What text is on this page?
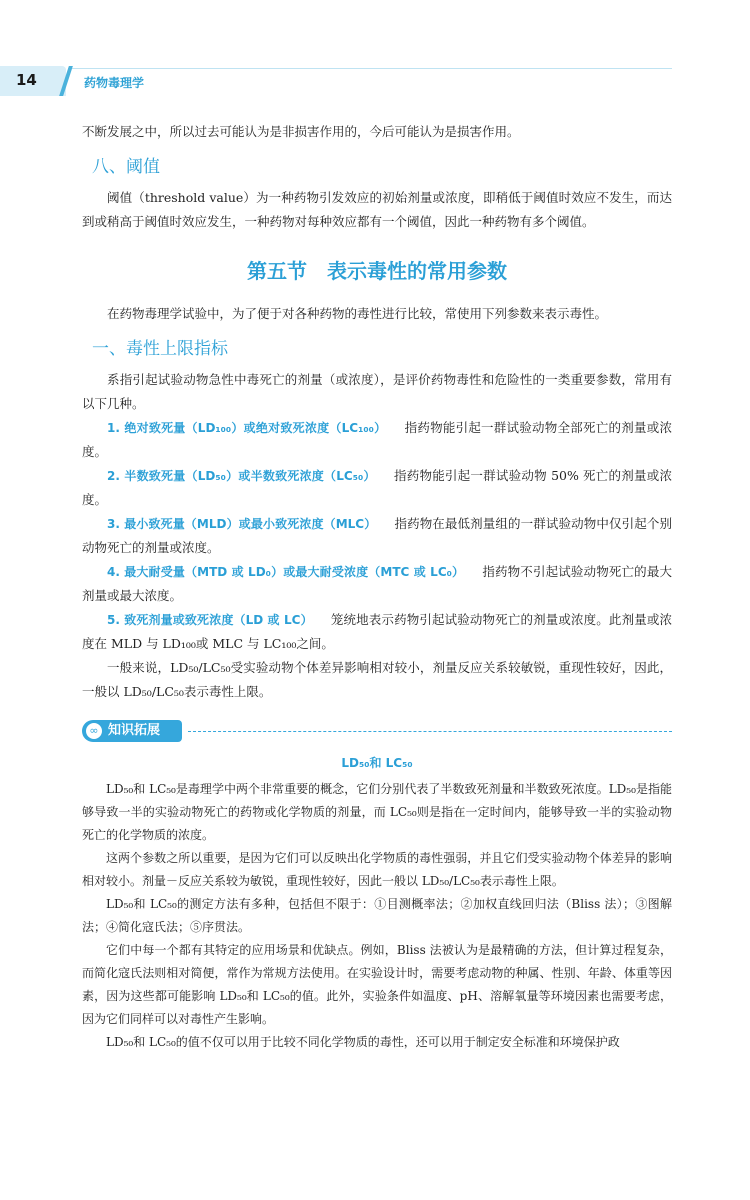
14	药物毒理学

不断发展之中，所以过去可能认为是非损害作用的，今后可能认为是损害作用。

八、阈值

阈值（threshold value）为一种药物引发效应的初始剂量或浓度，即稍低于阈值时效应不发生，而达到或稍高于阈值时效应发生，一种药物对每种效应都有一个阈值，因此一种药物有多个阈值。

第五节　表示毒性的常用参数

在药物毒理学试验中，为了便于对各种药物的毒性进行比较，常使用下列参数来表示毒性。

一、毒性上限指标

系指引起试验动物急性中毒死亡的剂量（或浓度），是评价药物毒性和危险性的一类重要参数，常用有以下几种。

1. 绝对致死量（LD₁₀₀）或绝对致死浓度（LC₁₀₀） 指药物能引起一群试验动物全部死亡的剂量或浓度。

2. 半数致死量（LD₅₀）或半数致死浓度（LC₅₀） 指药物能引起一群试验动物 50% 死亡的剂量或浓度。

3. 最小致死量（MLD）或最小致死浓度（MLC） 指药物在最低剂量组的一群试验动物中仅引起个别动物死亡的剂量或浓度。

4. 最大耐受量（MTD 或 LD₀）或最大耐受浓度（MTC 或 LC₀） 指药物不引起试验动物死亡的最大剂量或最大浓度。

5. 致死剂量或致死浓度（LD 或 LC） 笼统地表示药物引起试验动物死亡的剂量或浓度。此剂量或浓度在 MLD 与 LD₁₀₀或 MLC 与 LC₁₀₀之间。

一般来说，LD₅₀/LC₅₀受实验动物个体差异影响相对较小，剂量反应关系较敏锐，重现性较好，因此，一般以 LD₅₀/LC₅₀表示毒性上限。

∞ 知识拓展
LD₅₀和 LC₅₀

LD₅₀和 LC₅₀是毒理学中两个非常重要的概念，它们分别代表了半数致死剂量和半数致死浓度。LD₅₀是指能够导致一半的实验动物死亡的药物或化学物质的剂量，而 LC₅₀则是指在一定时间内，能够导致一半的实验动物死亡的化学物质的浓度。

这两个参数之所以重要，是因为它们可以反映出化学物质的毒性强弱，并且它们受实验动物个体差异的影响相对较小。剂量－反应关系较为敏锐，重现性较好，因此一般以 LD₅₀/LC₅₀表示毒性上限。

LD₅₀和 LC₅₀的测定方法有多种，包括但不限于：①目测概率法；②加权直线回归法（Bliss 法）；③图解法；④简化寇氏法；⑤序贯法。

它们中每一个都有其特定的应用场景和优缺点。例如，Bliss 法被认为是最精确的方法，但计算过程复杂，而简化寇氏法则相对简便，常作为常规方法使用。在实验设计时，需要考虑动物的种属、性别、年龄、体重等因素，因为这些都可能影响 LD₅₀和 LC₅₀的值。此外，实验条件如温度、pH、溶解氧量等环境因素也需要考虑，因为它们同样可以对毒性产生影响。

LD₅₀和 LC₅₀的值不仅可以用于比较不同化学物质的毒性，还可以用于制定安全标准和环境保护政
